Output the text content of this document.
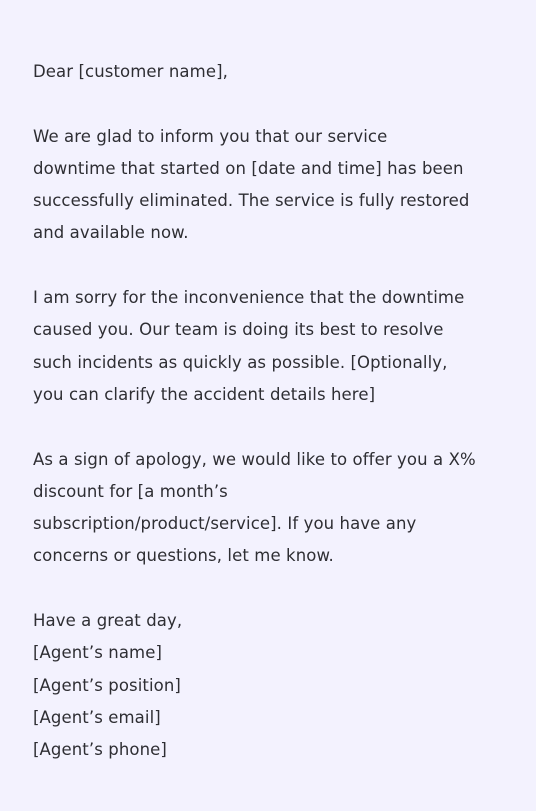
Dear [customer name],

We are glad to inform you that our service
downtime that started on [date and time] has been
successfully eliminated. The service is fully restored
and available now.

I am sorry for the inconvenience that the downtime
caused you. Our team is doing its best to resolve
such incidents as quickly as possible. [Optionally,
you can clarify the accident details here]

As a sign of apology, we would like to offer you a X%
discount for [a month’s
subscription/product/service]. If you have any
concerns or questions, let me know.

Have a great day,
[Agent’s name]
[Agent’s position]
[Agent’s email]
[Agent’s phone]
